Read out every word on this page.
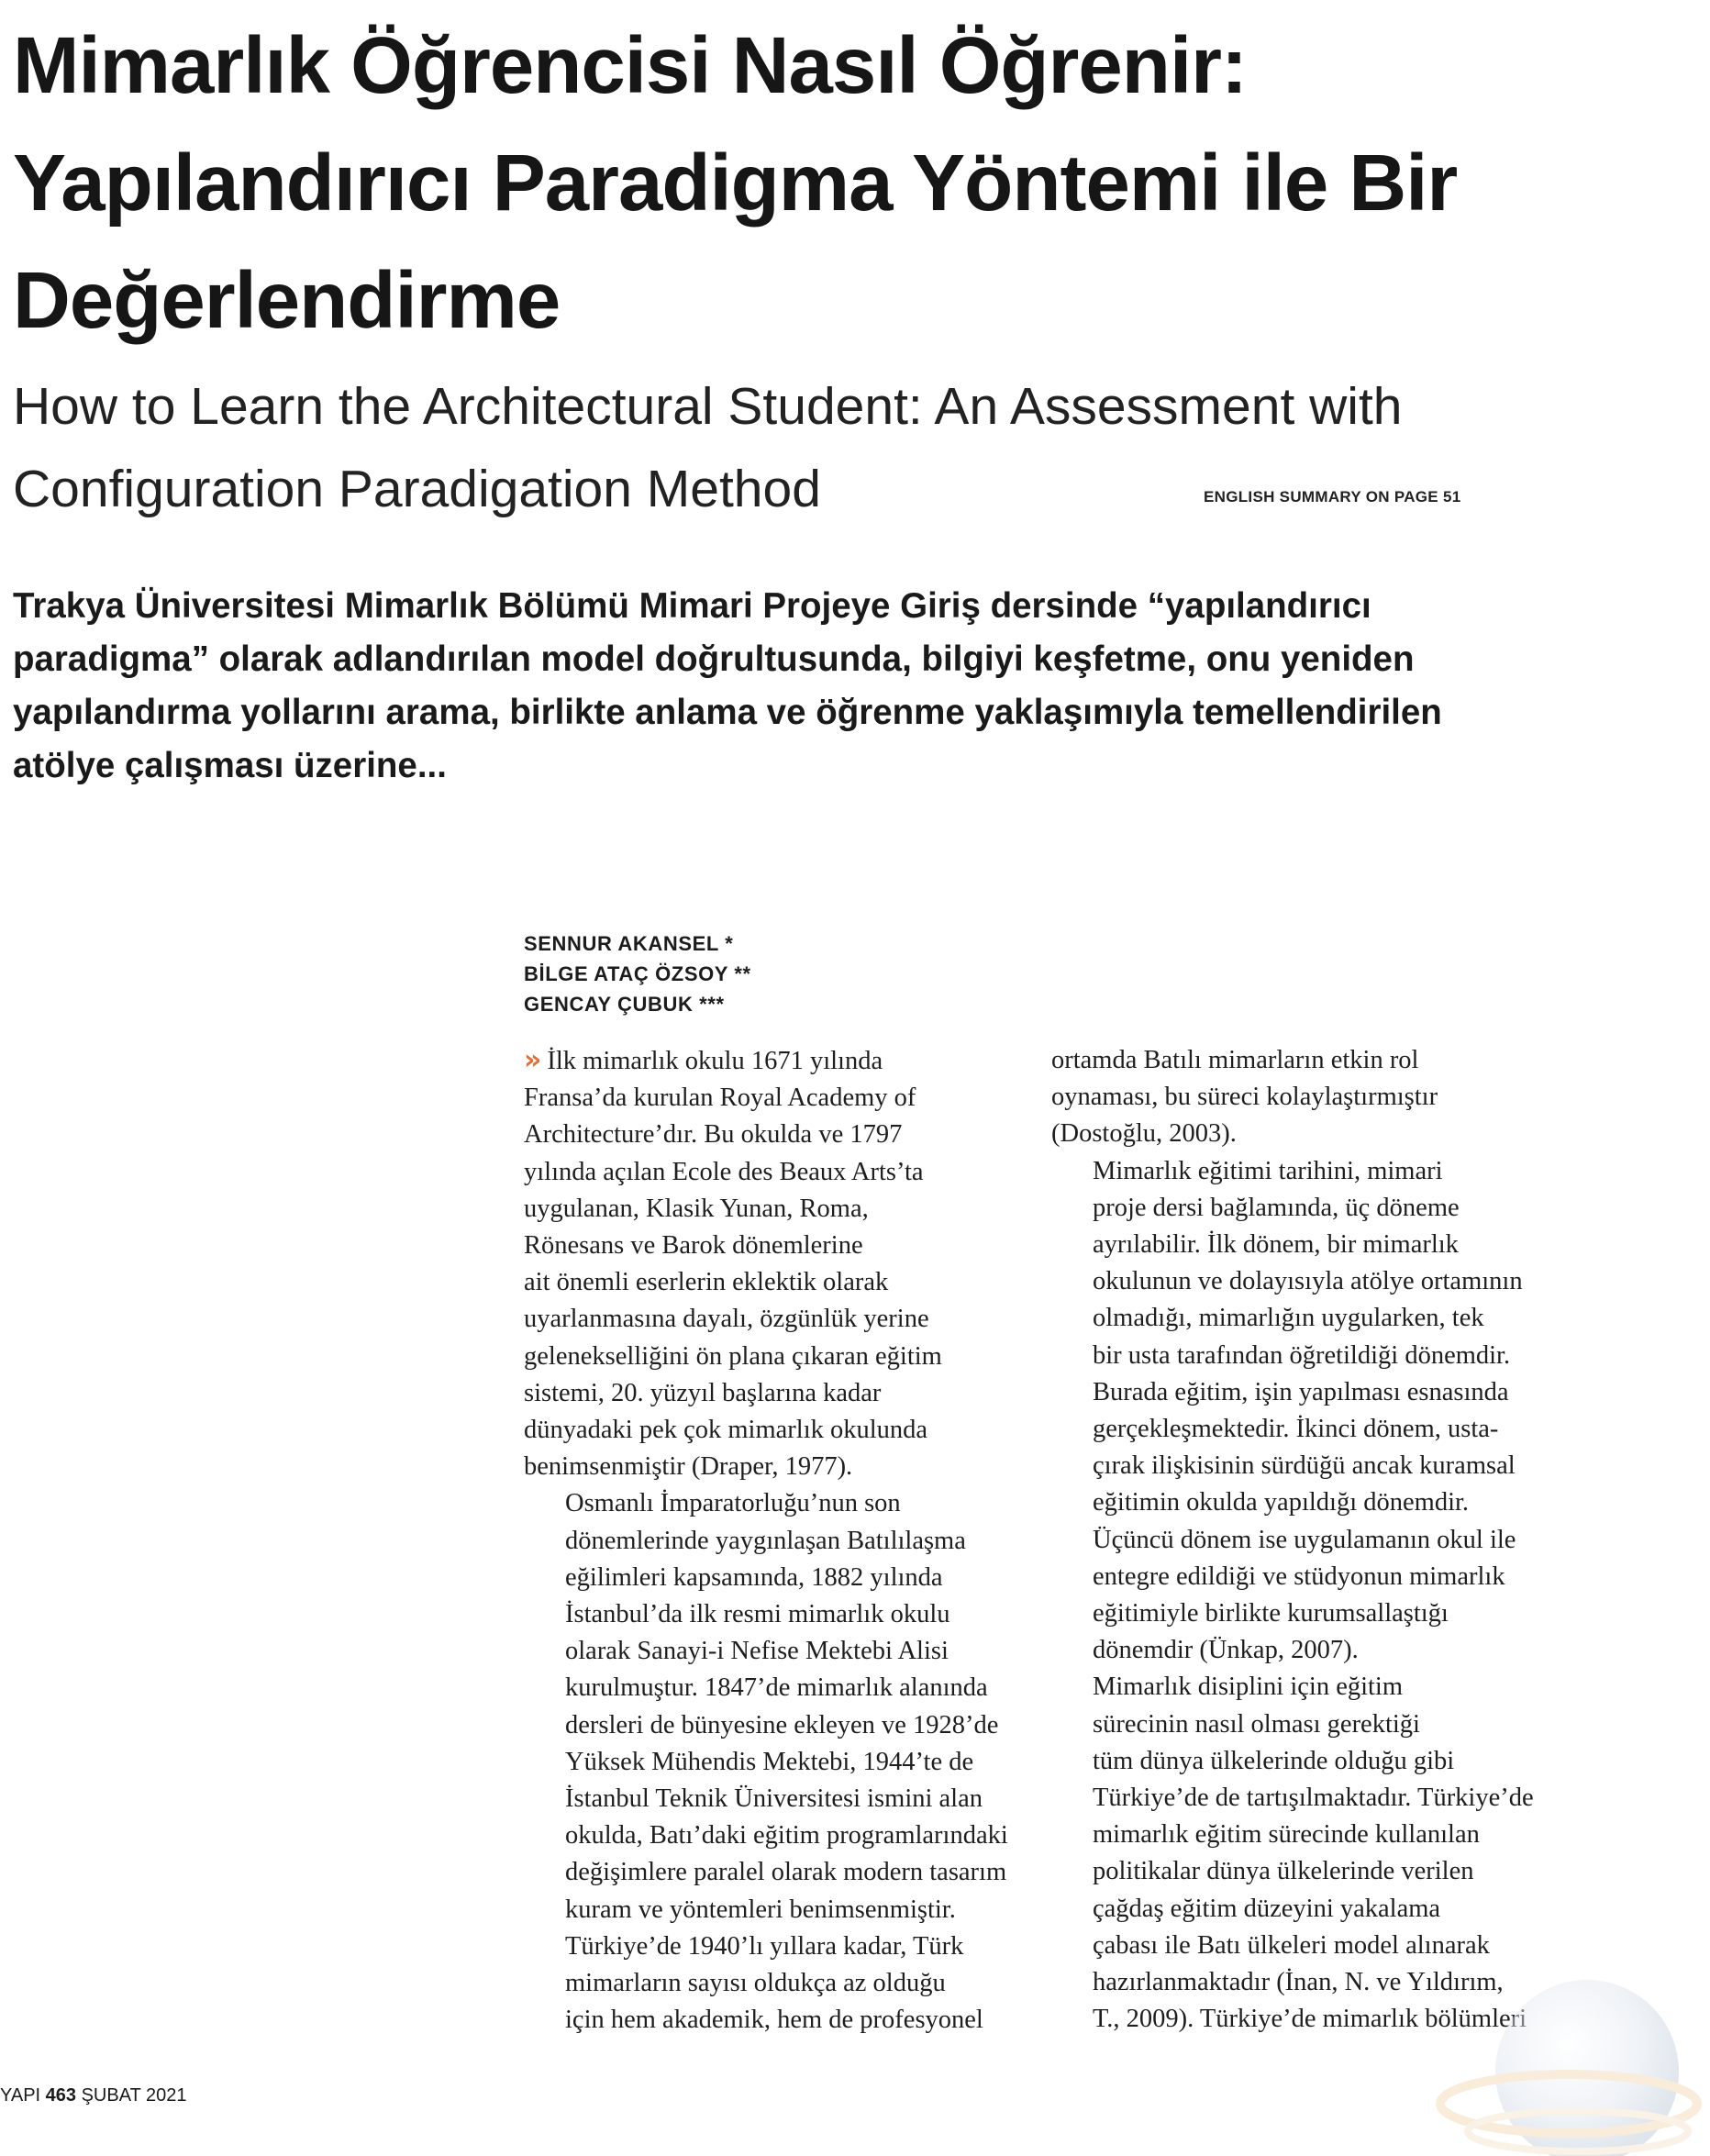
Mimarlık Öğrencisi Nasıl Öğrenir:
Yapılandırıcı Paradigma Yöntemi ile Bir
Değerlendirme
How to Learn the Architectural Student: An Assessment with
Configuration Paradigation Method	ENGLISH SUMMARY ON PAGE 51

Trakya Üniversitesi Mimarlık Bölümü Mimari Projeye Giriş dersinde “yapılandırıcı
paradigma” olarak adlandırılan model doğrultusunda, bilgiyi keşfetme, onu yeniden
yapılandırma yollarını arama, birlikte anlama ve öğrenme yaklaşımıyla temellendirilen
atölye çalışması üzerine...

SENNUR AKANSEL *
BİLGE ATAÇ ÖZSOY **
GENCAY ÇUBUK ***

» İlk mimarlık okulu 1671 yılında
Fransa’da kurulan Royal Academy of
Architecture’dır. Bu okulda ve 1797
yılında açılan Ecole des Beaux Arts’ta
uygulanan, Klasik Yunan, Roma,
Rönesans ve Barok dönemlerine
ait önemli eserlerin eklektik olarak
uyarlanmasına dayalı, özgünlük yerine
gelenekselliğini ön plana çıkaran eğitim
sistemi, 20. yüzyıl başlarına kadar
dünyadaki pek çok mimarlık okulunda
benimsenmiştir (Draper, 1977).

Osmanlı İmparatorluğu’nun son
dönemlerinde yaygınlaşan Batılılaşma
eğilimleri kapsamında, 1882 yılında
İstanbul’da ilk resmi mimarlık okulu
olarak Sanayi-i Nefise Mektebi Alisi
kurulmuştur. 1847’de mimarlık alanında
dersleri de bünyesine ekleyen ve 1928’de
Yüksek Mühendis Mektebi, 1944’te de
İstanbul Teknik Üniversitesi ismini alan
okulda, Batı’daki eğitim programlarındaki
değişimlere paralel olarak modern tasarım
kuram ve yöntemleri benimsenmiştir.
Türkiye’de 1940’lı yıllara kadar, Türk
mimarların sayısı oldukça az olduğu
için hem akademik, hem de profesyonel

ortamda Batılı mimarların etkin rol
oynaması, bu süreci kolaylaştırmıştır
(Dostoğlu, 2003).

Mimarlık eğitimi tarihini, mimari
proje dersi bağlamında, üç döneme
ayrılabilir. İlk dönem, bir mimarlık
okulunun ve dolayısıyla atölye ortamının
olmadığı, mimarlığın uygularken, tek
bir usta tarafından öğretildiği dönemdir.
Burada eğitim, işin yapılması esnasında
gerçekleşmektedir. İkinci dönem, usta-
çırak ilişkisinin sürdüğü ancak kuramsal
eğitimin okulda yapıldığı dönemdir.
Üçüncü dönem ise uygulamanın okul ile
entegre edildiği ve stüdyonun mimarlık
eğitimiyle birlikte kurumsallaştığı
dönemdir (Ünkap, 2007).

Mimarlık disiplini için eğitim
sürecinin nasıl olması gerektiği
tüm dünya ülkelerinde olduğu gibi
Türkiye’de de tartışılmaktadır. Türkiye’de
mimarlık eğitim sürecinde kullanılan
politikalar dünya ülkelerinde verilen
çağdaş eğitim düzeyini yakalama
çabası ile Batı ülkeleri model alınarak
hazırlanmaktadır (İnan, N. ve Yıldırım,
T., 2009). Türkiye’de mimarlık bölümleri

YAPI 463 ŞUBAT 2021
